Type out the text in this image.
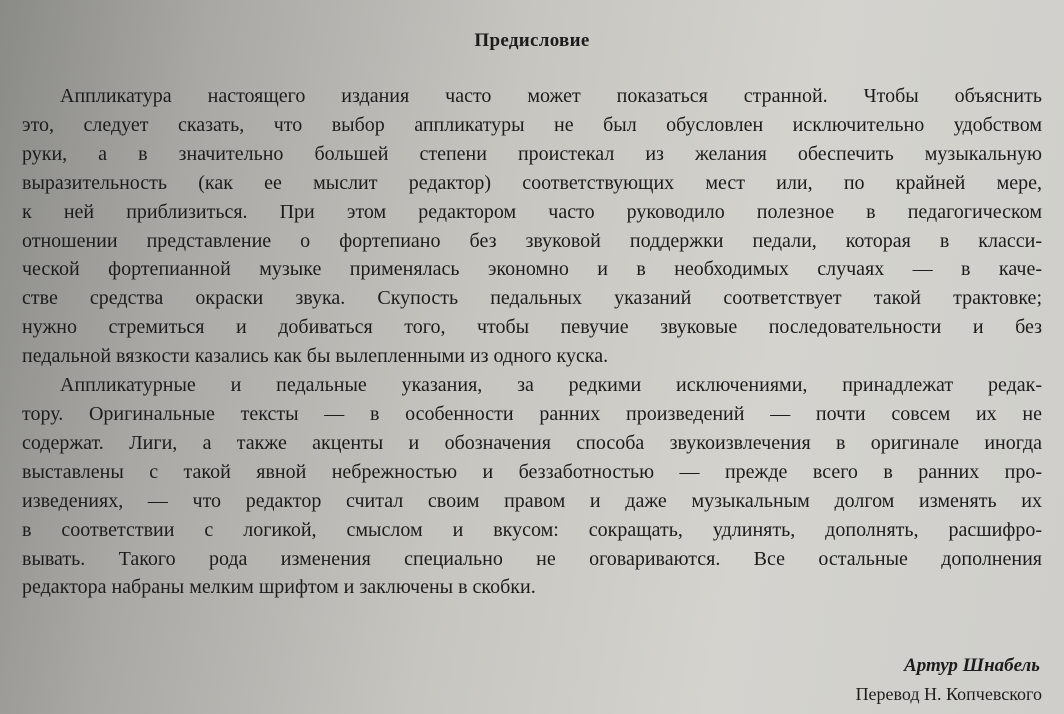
Предисловие

Аппликатура настоящего издания часто может показаться странной. Чтобы объяснить
это, следует сказать, что выбор аппликатуры не был обусловлен исключительно удобством
руки, а в значительно большей степени проистекал из желания обеспечить музыкальную
выразительность (как ее мыслит редактор) соответствующих мест или, по крайней мере,
к ней приблизиться. При этом редактором часто руководило полезное в педагогическом
отношении представление о фортепиано без звуковой поддержки педали, которая в класси-
ческой фортепианной музыке применялась экономно и в необходимых случаях — в каче-
стве средства окраски звука. Скупость педальных указаний соответствует такой трактовке;
нужно стремиться и добиваться того, чтобы певучие звуковые последовательности и без
педальной вязкости казались как бы вылепленными из одного куска.

Аппликатурные и педальные указания, за редкими исключениями, принадлежат редак-
тору. Оригинальные тексты — в особенности ранних произведений — почти совсем их не
содержат. Лиги, а также акценты и обозначения способа звукоизвлечения в оригинале иногда
выставлены с такой явной небрежностью и беззаботностью — прежде всего в ранних про-
изведениях, — что редактор считал своим правом и даже музыкальным долгом изменять их
в соответствии с логикой, смыслом и вкусом: сокращать, удлинять, дополнять, расшифро-
вывать. Такого рода изменения специально не оговариваются. Все остальные дополнения
редактора набраны мелким шрифтом и заключены в скобки.

Артур Шнабель
Перевод Н. Копчевского
